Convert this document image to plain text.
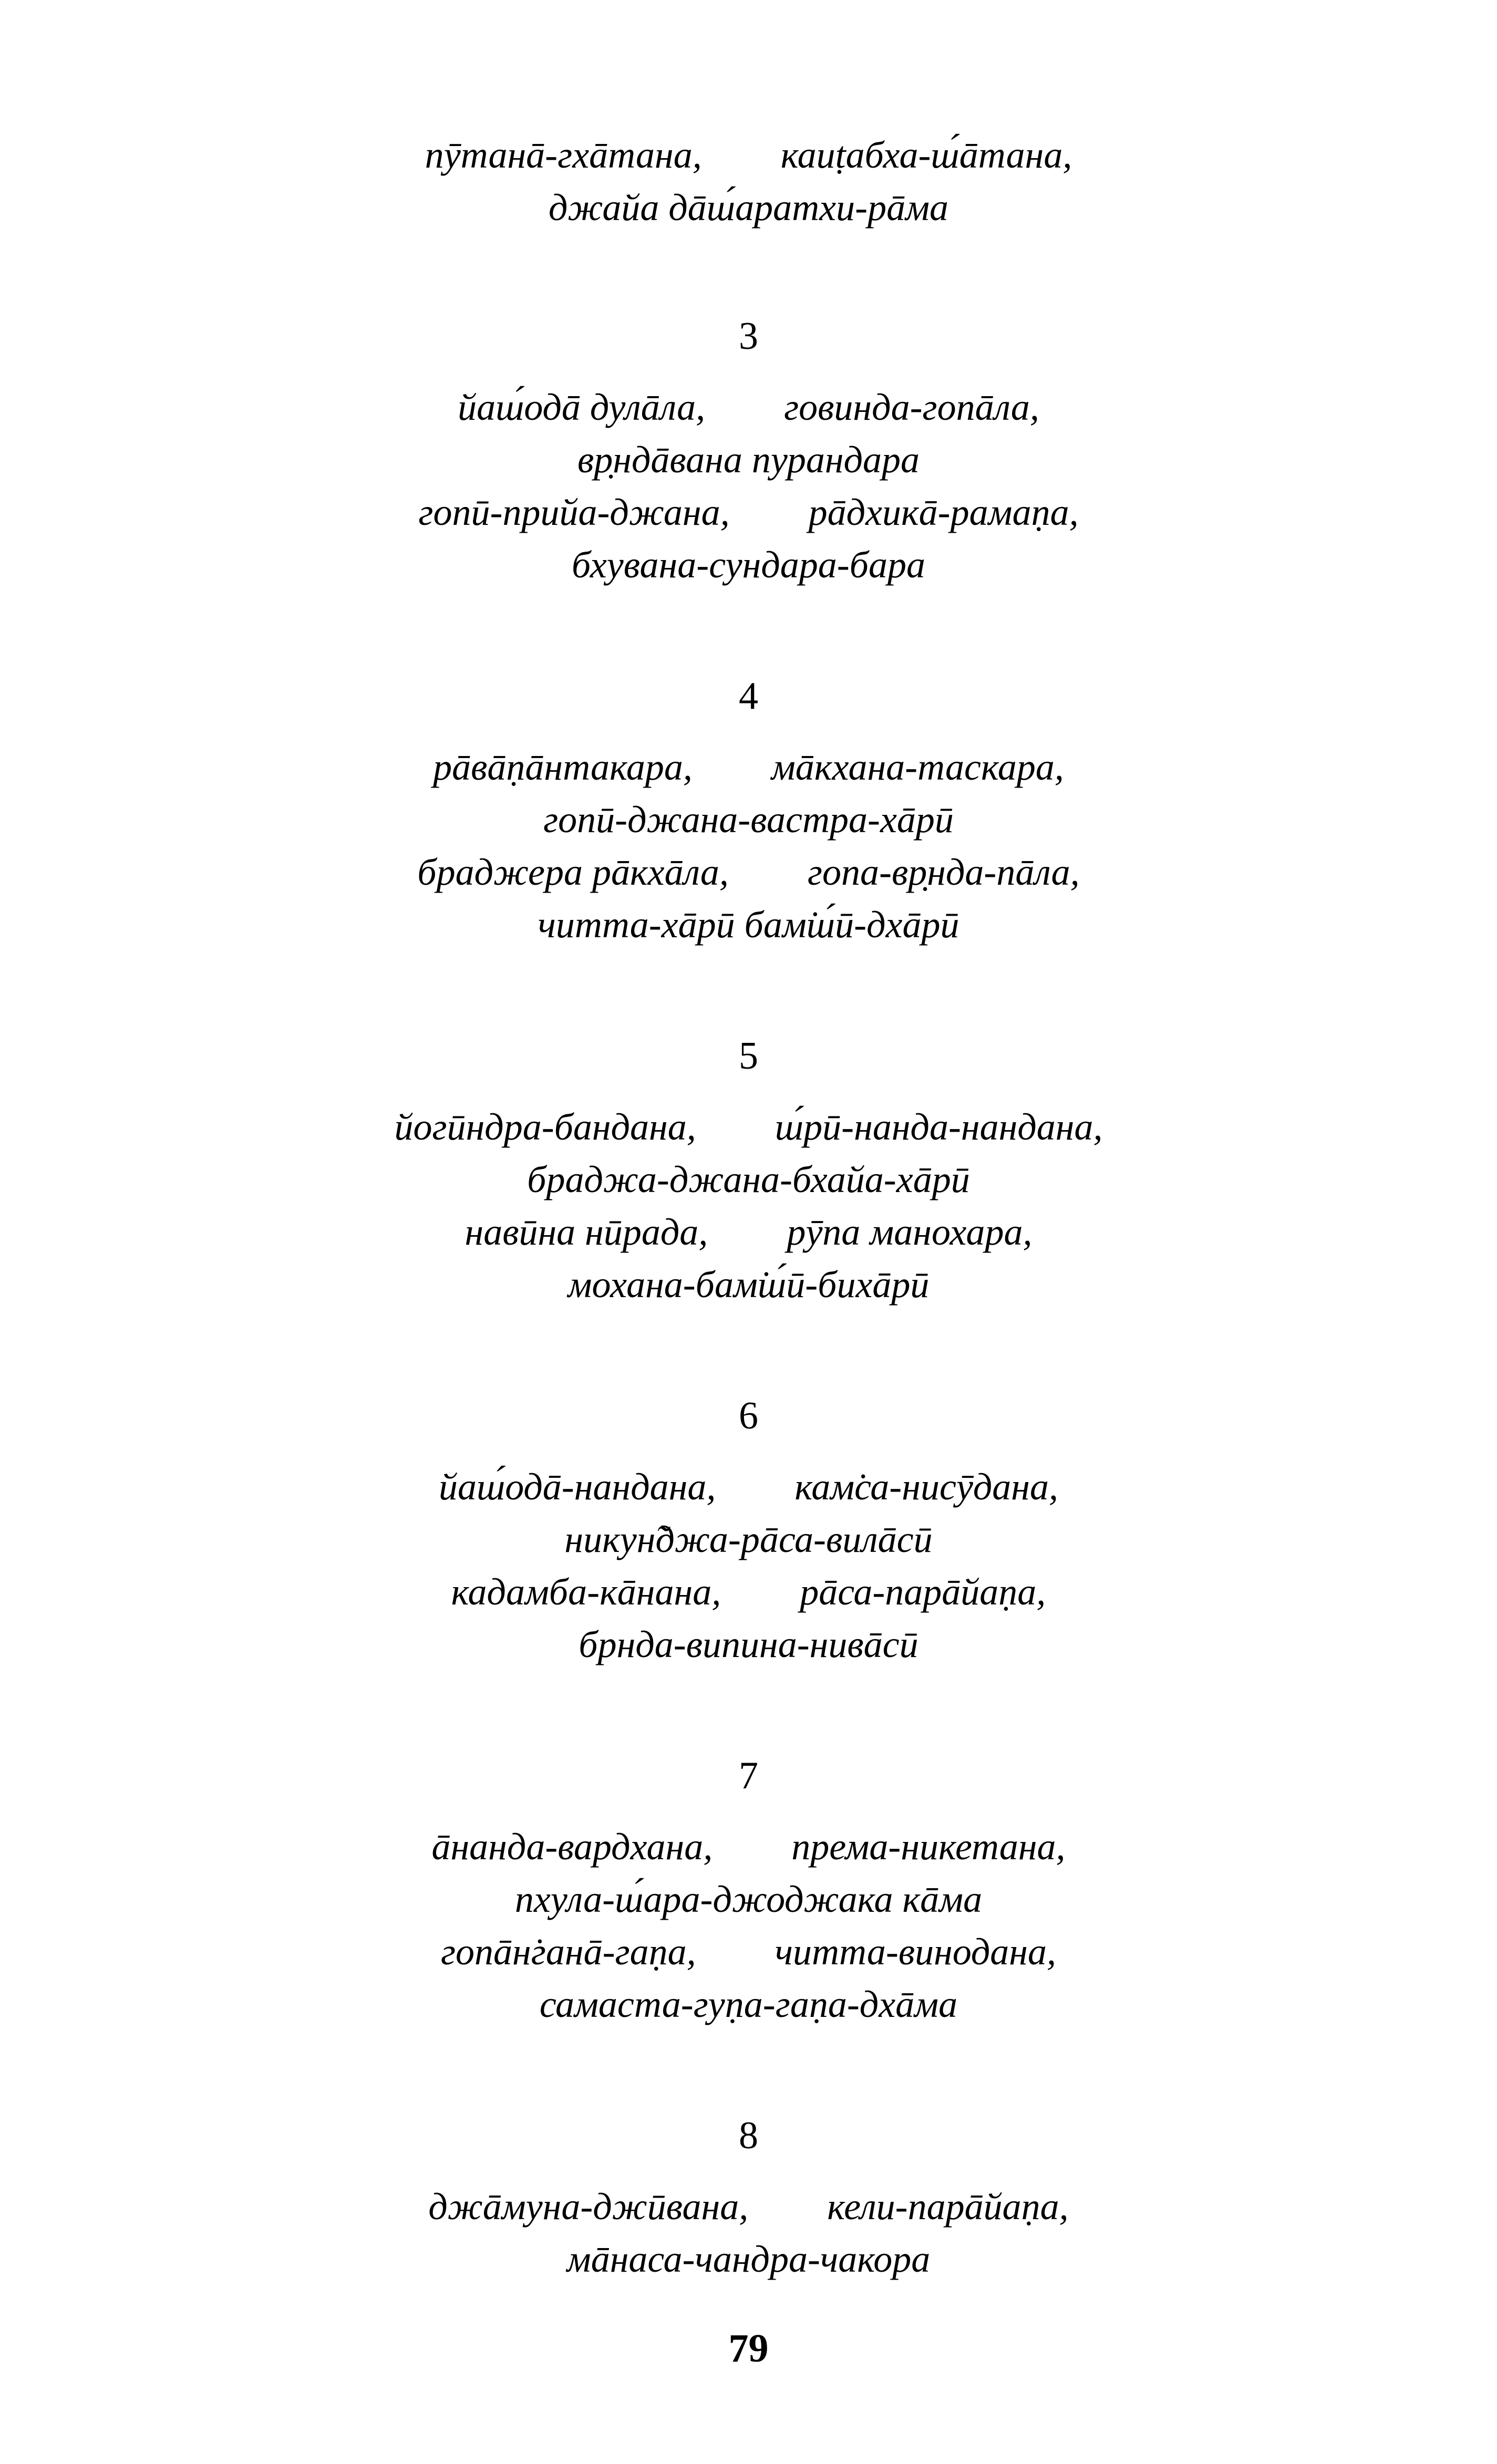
пӯтанā-гхāтана, каиṭабха-ш́āтана,
джайа дāш́аратхи-рāма
3
йаш́одā дулāла, говинда-гопāла,
вр̣ндāвана пурандара
гопӣ-прийа-джана, рāдхикā-рамаṇа,
бхувана-сундара-бара
4
рāвāṇāнтакара, мāкхана-таскара,
гопӣ-джана-вастра-хāрӣ
браджера рāкхāла, гопа-вр̣нда-пāла,
читта-хāрӣ бам̇ш́ӣ-дхāрӣ
5
йогӣндра-бандана, ш́рӣ-нанда-нандана,
браджа-джана-бхайа-хāрӣ
навӣна нӣрада, рӯпа манохара,
мохана-бам̇ш́ӣ-бихāрӣ
6
йаш́одā-нандана, кам̇са-нисӯдана,
никун̃джа-рāса-вилāсӣ
кадамба-кāнана, рāса-парāйаṇа,
брнда-випина-нивāсӣ
7
āнанда-вардхана, према-никетана,
пхула-ш́ара-джоджака кāма
гопāн̇ганā-гаṇа, читта-винодана,
самаста-гуṇа-гаṇа-дхāма
8
джāмуна-джӣвана, кели-парāйаṇа,
мāнаса-чандра-чакора
79
